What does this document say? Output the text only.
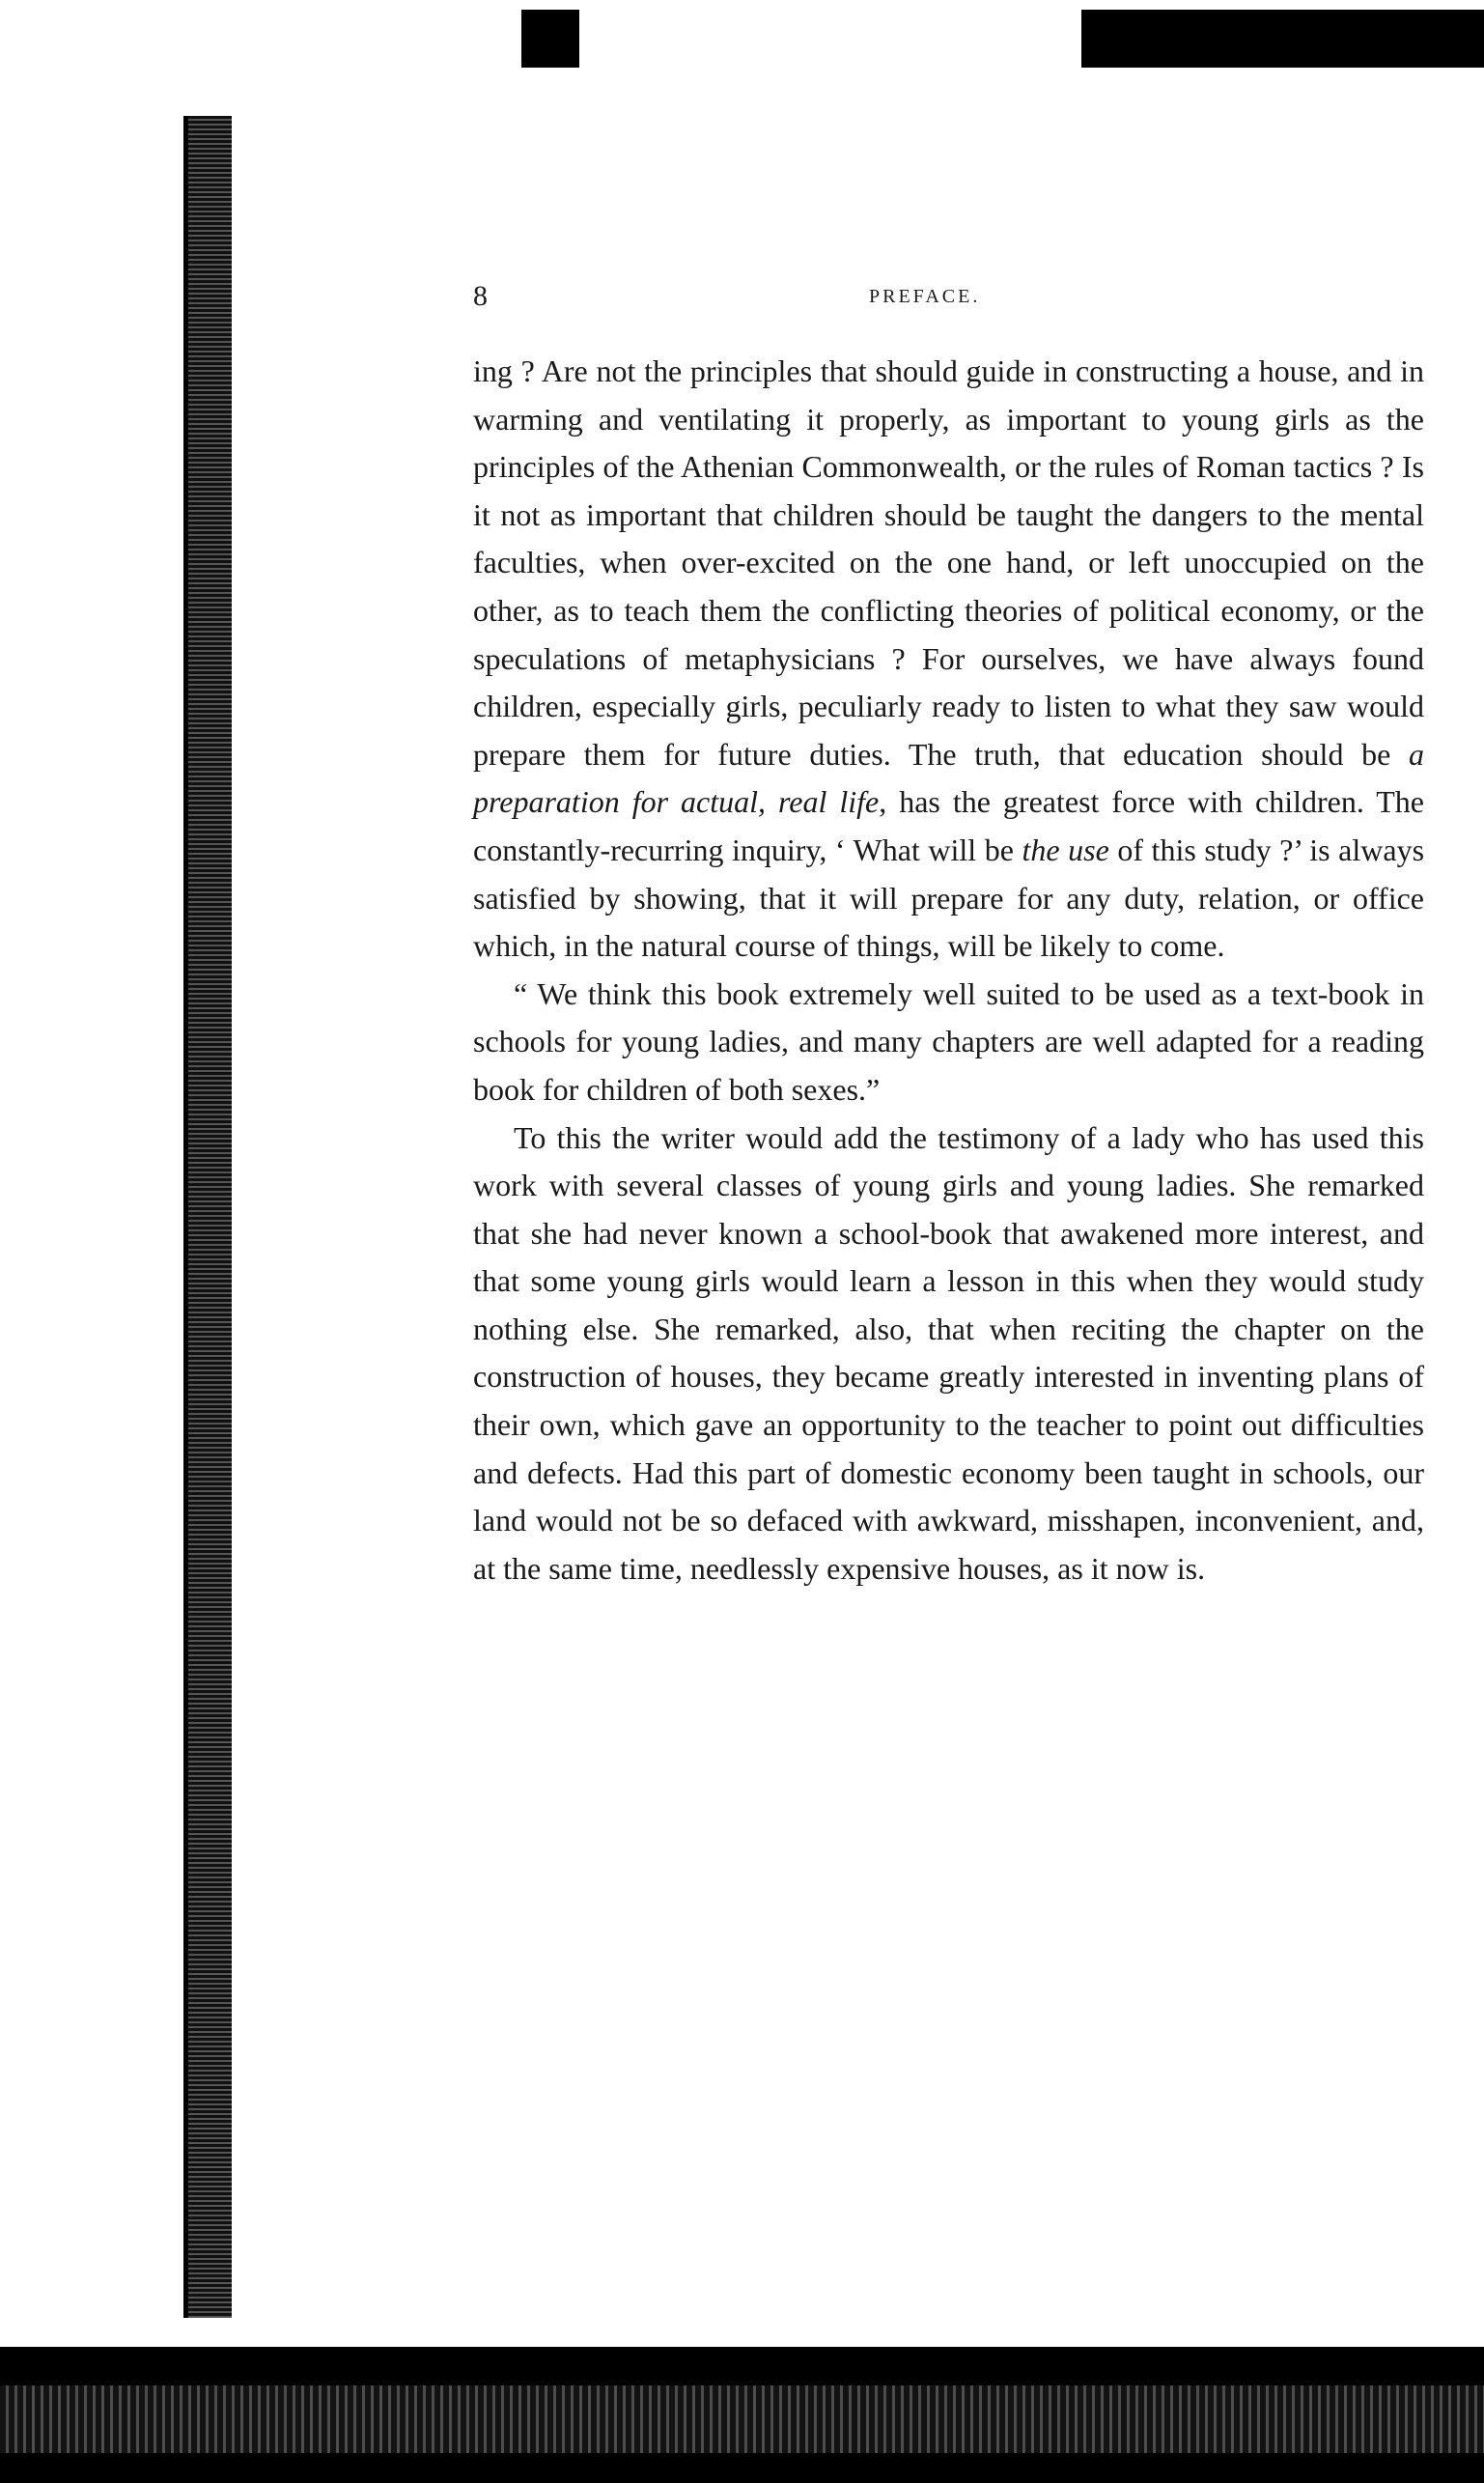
8	PREFACE.

ing ? Are not the principles that should guide in constructing a house, and in warming and ventilating it properly, as important to young girls as the principles of the Athenian Commonwealth, or the rules of Roman tactics ? Is it not as important that children should be taught the dangers to the mental faculties, when over-excited on the one hand, or left unoccupied on the other, as to teach them the conflicting theories of political economy, or the speculations of metaphysicians ? For ourselves, we have always found children, especially girls, peculiarly ready to listen to what they saw would prepare them for future duties. The truth, that education should be a preparation for actual, real life, has the greatest force with children. The constantly-recurring inquiry, ‘ What will be the use of this study ?’ is always satisfied by showing, that it will prepare for any duty, relation, or office which, in the natural course of things, will be likely to come.

“ We think this book extremely well suited to be used as a text-book in schools for young ladies, and many chapters are well adapted for a reading book for children of both sexes.”

To this the writer would add the testimony of a lady who has used this work with several classes of young girls and young ladies. She remarked that she had never known a school-book that awakened more interest, and that some young girls would learn a lesson in this when they would study nothing else. She remarked, also, that when reciting the chapter on the construction of houses, they became greatly interested in inventing plans of their own, which gave an opportunity to the teacher to point out difficulties and defects. Had this part of domestic economy been taught in schools, our land would not be so defaced with awkward, misshapen, inconvenient, and, at the same time, needlessly expensive houses, as it now is.
